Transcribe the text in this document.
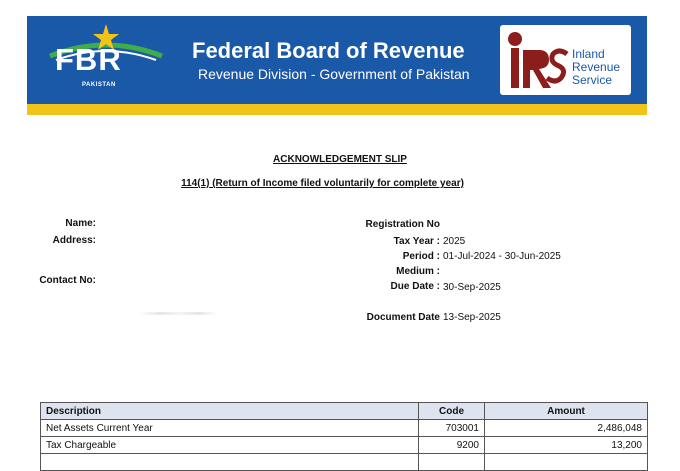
FBR
PAKISTAN
Federal Board of Revenue
Revenue Division - Government of Pakistan
Inland
Revenue
Service
ACKNOWLEDGEMENT SLIP
114(1) (Return of Income filed voluntarily for complete year)
Name:
Address:
Contact No:
Registration No
Tax Year : 2025
Period : 01-Jul-2024 - 30-Jun-2025
Medium :
Due Date : 30-Sep-2025
Document Date 13-Sep-2025
Description	Code	Amount
Net Assets Current Year	703001	2,486,048
Tax Chargeable	9200	13,200
